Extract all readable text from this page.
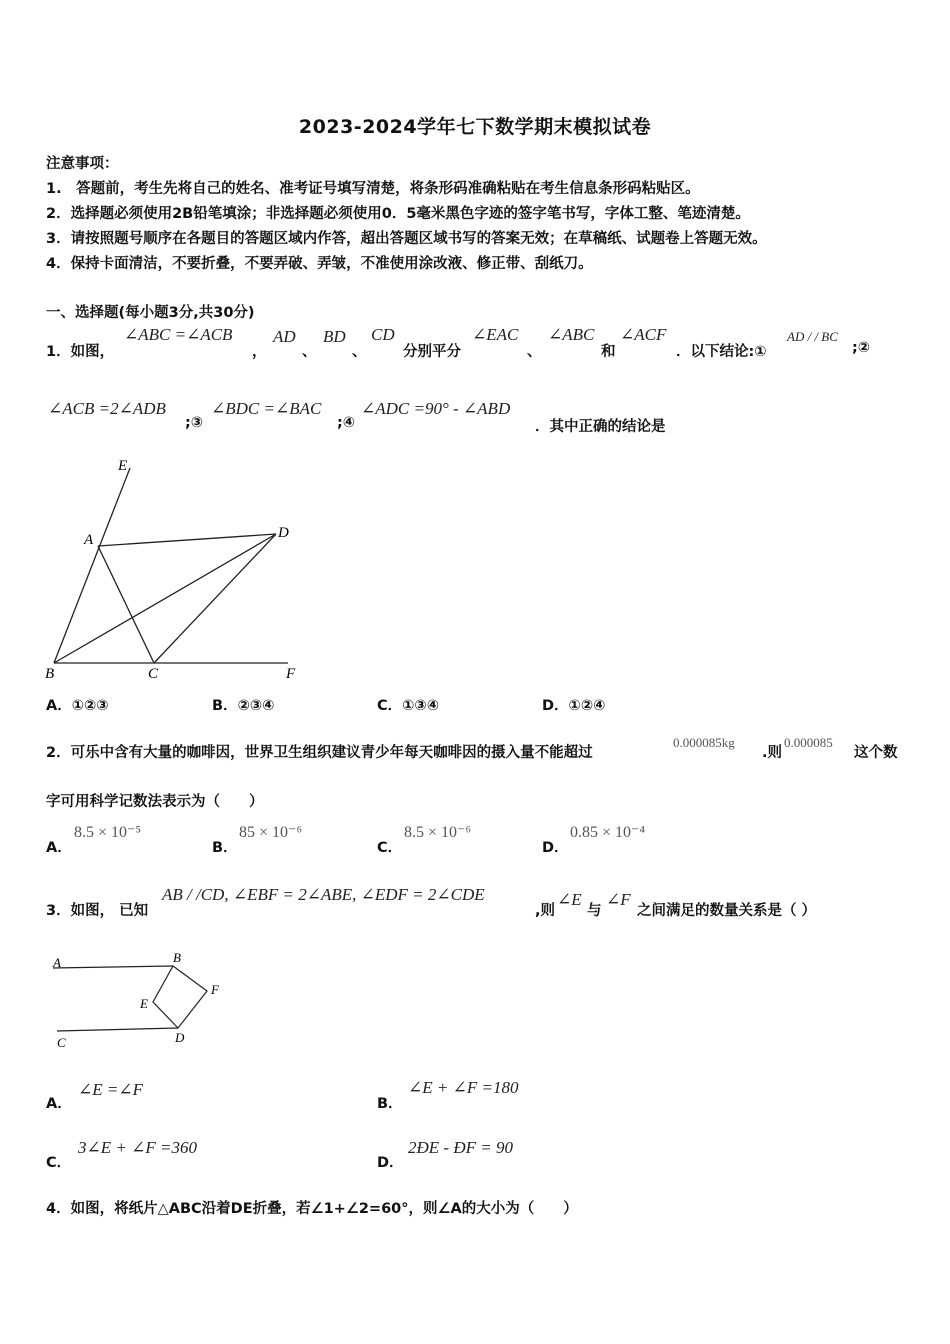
2023-2024学年七下数学期末模拟试卷
注意事项：
1.　答题前，考生先将自己的姓名、准考证号填写清楚，将条形码准确粘贴在考生信息条形码粘贴区。
2．选择题必须使用2B铅笔填涂；非选择题必须使用0．5毫米黑色字迹的签字笔书写，字体工整、笔迹清楚。
3．请按照题号顺序在各题目的答题区域内作答，超出答题区域书写的答案无效；在草稿纸、试题卷上答题无效。
4．保持卡面清洁，不要折叠，不要弄破、弄皱，不准使用涂改液、修正带、刮纸刀。
一、选择题(每小题3分,共30分)
1．如图，
∠ABC =∠ACB
，
AD
、
BD
、
CD
分别平分
∠EAC
、
∠ABC
和
∠ACF
．以下结论:①
AD / / BC
;②
∠ACB =2∠ADB
;③
∠BDC =∠BAC
;④
∠ADC =90° - ∠ABD
．其中正确的结论是
E
A	D
B	C	F
A．①②③	B．②③④	C．①③④	D．①②④
2．可乐中含有大量的咖啡因，世界卫生组织建议青少年每天咖啡因的摄入量不能超过
0.000085kg
.则
0.000085
这个数
字可用科学记数法表示为（　　）
A．
8.5 × 10⁻⁵
B．
85 × 10⁻⁶
C．
8.5 × 10⁻⁶
D．
0.85 × 10⁻⁴
3．如图， 已知
AB / /CD, ∠EBF = 2∠ABE, ∠EDF = 2∠CDE
,则
∠E
与
∠F
之间满足的数量关系是（ ）
A	B
F
E
C	D
A．
∠E =∠F
B．
∠E + ∠F =180
C．
3∠E + ∠F =360
D．
2ÐE - ÐF = 90
4．如图，将纸片△ABC沿着DE折叠，若∠1+∠2=60°，则∠A的大小为（　　）
